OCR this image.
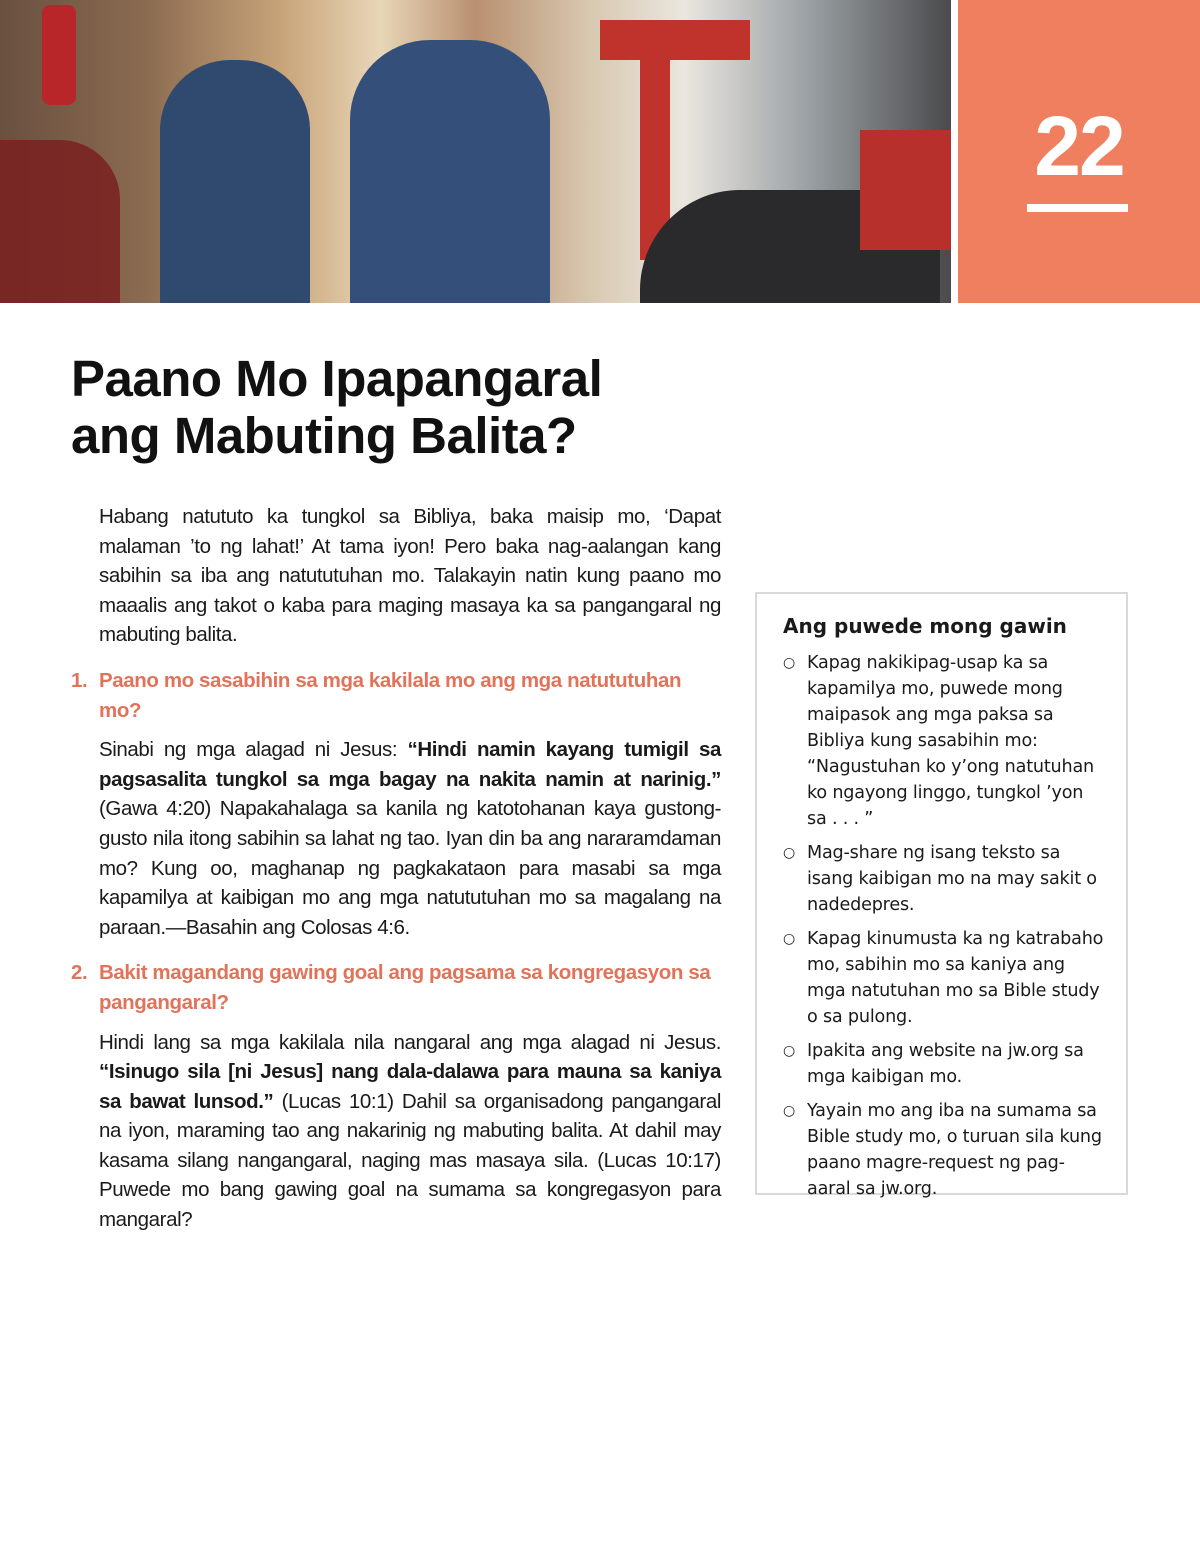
22
Paano Mo Ipapangaral
ang Mabuting Balita?

Habang natututo ka tungkol sa Bibliya, baka maisip mo, ‘Dapat malaman ’to ng lahat!’ At tama iyon! Pero baka nag-aalangan kang sabihin sa iba ang natututuhan mo. Talakayin natin kung paano mo maaalis ang takot o kaba para maging masaya ka sa pangangaral ng mabuting balita.

1. Paano mo sasabihin sa mga kakilala mo ang mga natututuhan mo?

Sinabi ng mga alagad ni Jesus: “Hindi namin kayang tumigil sa pagsasalita tungkol sa mga bagay na nakita namin at narinig.” (Gawa 4:20) Napakahalaga sa kanila ng katotohanan kaya gustong-gusto nila itong sabihin sa lahat ng tao. Iyan din ba ang nararamdaman mo? Kung oo, maghanap ng pagkakataon para masabi sa mga kapamilya at kaibigan mo ang mga natututuhan mo sa magalang na paraan.—Basahin ang Colosas 4:6.

2. Bakit magandang gawing goal ang pagsama sa kongregasyon sa pangangaral?

Hindi lang sa mga kakilala nila nangaral ang mga alagad ni Jesus. “Isinugo sila [ni Jesus] nang dala-dalawa para mauna sa kaniya sa bawat lunsod.” (Lucas 10:1) Dahil sa organisadong pangangaral na iyon, maraming tao ang nakarinig ng mabuting balita. At dahil may kasama silang nangangaral, naging mas masaya sila. (Lucas 10:17) Puwede mo bang gawing goal na sumama sa kongregasyon para mangaral?

Ang puwede mong gawin
○ Kapag nakikipag-usap ka sa kapamilya mo, puwede mong maipasok ang mga paksa sa Bibliya kung sasabihin mo: “Nagustuhan ko y’ong natutuhan ko ngayong linggo, tungkol ’yon sa . . . ”
○ Mag-share ng isang teksto sa isang kaibigan mo na may sakit o nadedepres.
○ Kapag kinumusta ka ng katrabaho mo, sabihin mo sa kaniya ang mga natutuhan mo sa Bible study o sa pulong.
○ Ipakita ang website na jw.org sa mga kaibigan mo.
○ Yayain mo ang iba na sumama sa Bible study mo, o turuan sila kung paano magre-request ng pag-aaral sa jw.org.
